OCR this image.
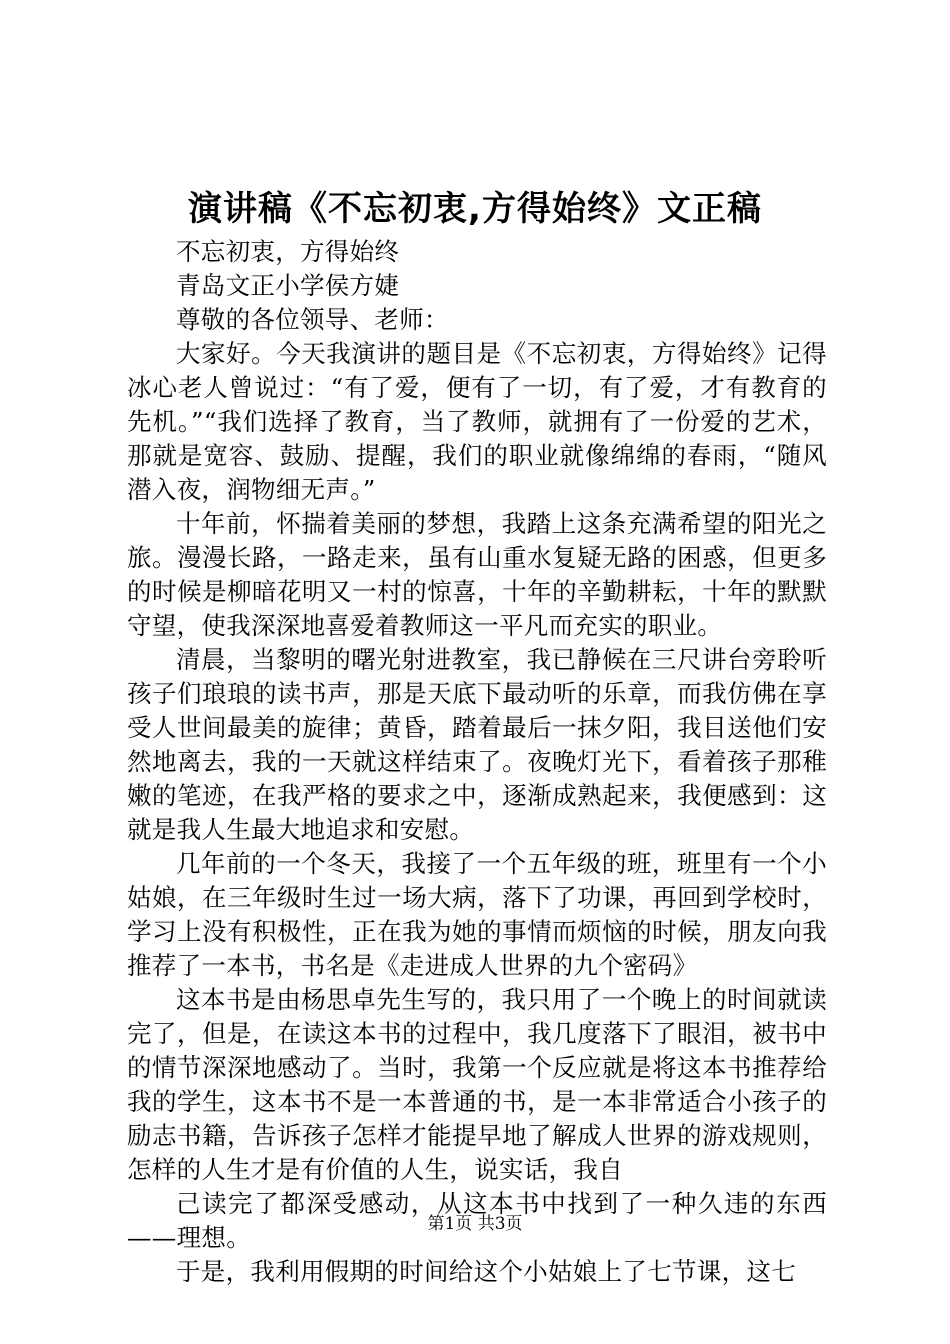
演讲稿《不忘初衷,方得始终》文正稿

不忘初衷，方得始终

青岛文正小学侯方婕

尊敬的各位领导、老师：

大家好。今天我演讲的题目是《不忘初衷，方得始终》记得冰心老人曾说过：“有了爱，便有了一切，有了爱，才有教育的先机。”“我们选择了教育，当了教师，就拥有了一份爱的艺术，那就是宽容、鼓励、提醒，我们的职业就像绵绵的春雨，“随风潜入夜，润物细无声。”

十年前，怀揣着美丽的梦想，我踏上这条充满希望的阳光之旅。漫漫长路，一路走来，虽有山重水复疑无路的困惑，但更多的时候是柳暗花明又一村的惊喜，十年的辛勤耕耘，十年的默默守望，使我深深地喜爱着教师这一平凡而充实的职业。

清晨，当黎明的曙光射进教室，我已静候在三尺讲台旁聆听孩子们琅琅的读书声，那是天底下最动听的乐章，而我仿佛在享受人世间最美的旋律；黄昏，踏着最后一抹夕阳，我目送他们安然地离去，我的一天就这样结束了。夜晚灯光下，看着孩子那稚嫩的笔迹，在我严格的要求之中，逐渐成熟起来，我便感到：这就是我人生最大地追求和安慰。

几年前的一个冬天，我接了一个五年级的班，班里有一个小姑娘，在三年级时生过一场大病，落下了功课，再回到学校时，学习上没有积极性，正在我为她的事情而烦恼的时候，朋友向我推荐了一本书，书名是《走进成人世界的九个密码》

这本书是由杨思卓先生写的，我只用了一个晚上的时间就读完了，但是，在读这本书的过程中，我几度落下了眼泪，被书中的情节深深地感动了。当时，我第一个反应就是将这本书推荐给我的学生，这本书不是一本普通的书，是一本非常适合小孩子的励志书籍，告诉孩子怎样才能提早地了解成人世界的游戏规则，怎样的人生才是有价值的人生，说实话，我自

己读完了都深受感动，从这本书中找到了一种久违的东西——理想。

于是，我利用假期的时间给这个小姑娘上了七节课，这七

第1页 共3页
